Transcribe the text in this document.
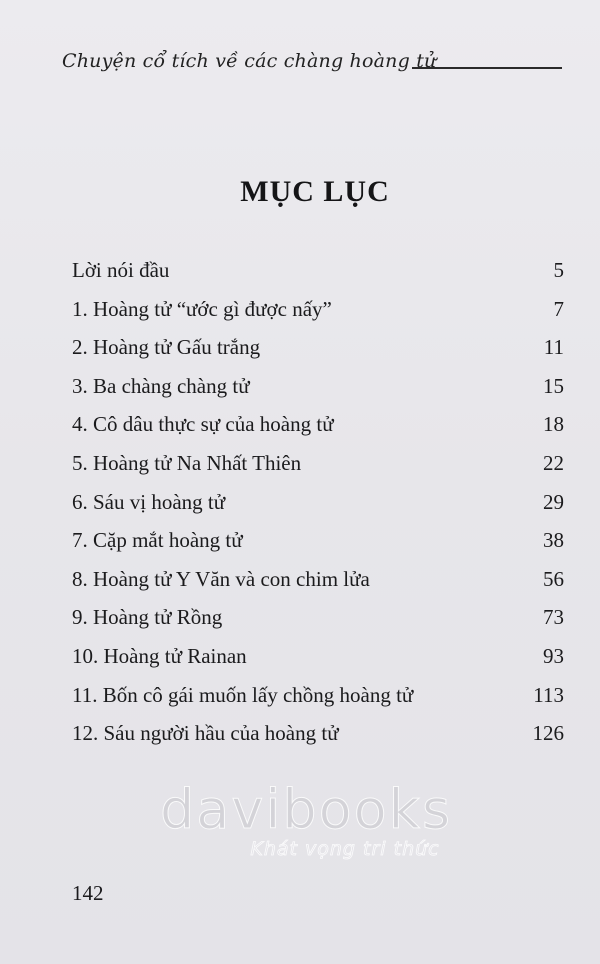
Chuyện cổ tích về các chàng hoàng tử
MỤC LỤC
Lời nói đầu	5
1. Hoàng tử “ước gì được nấy”	7
2. Hoàng tử Gấu trắng	11
3. Ba chàng chàng tử	15
4. Cô dâu thực sự của hoàng tử	18
5. Hoàng tử Na Nhất Thiên	22
6. Sáu vị hoàng tử	29
7. Cặp mắt hoàng tử	38
8. Hoàng tử Y Văn và con chim lửa	56
9. Hoàng tử Rồng	73
10. Hoàng tử Rainan	93
11. Bốn cô gái muốn lấy chồng hoàng tử	113
12. Sáu người hầu của hoàng tử	126
davibooks
Khát vọng tri thức
142
